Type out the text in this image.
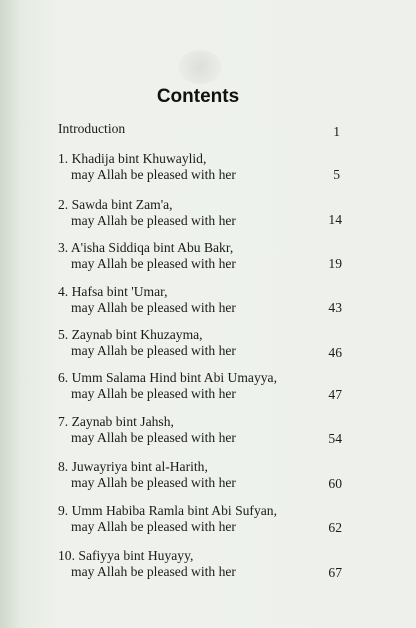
Contents
Introduction	1
1. Khadija bint Khuwaylid,
may Allah be pleased with her	5
2. Sawda bint Zam'a,
may Allah be pleased with her	14
3. A'isha Siddiqa bint Abu Bakr,
may Allah be pleased with her	19
4. Hafsa bint 'Umar,
may Allah be pleased with her	43
5. Zaynab bint Khuzayma,
may Allah be pleased with her	46
6. Umm Salama Hind bint Abi Umayya,
may Allah be pleased with her	47
7. Zaynab bint Jahsh,
may Allah be pleased with her	54
8. Juwayriya bint al-Harith,
may Allah be pleased with her	60
9. Umm Habiba Ramla bint Abi Sufyan,
may Allah be pleased with her	62
10. Safiyya bint Huyayy,
may Allah be pleased with her	67
